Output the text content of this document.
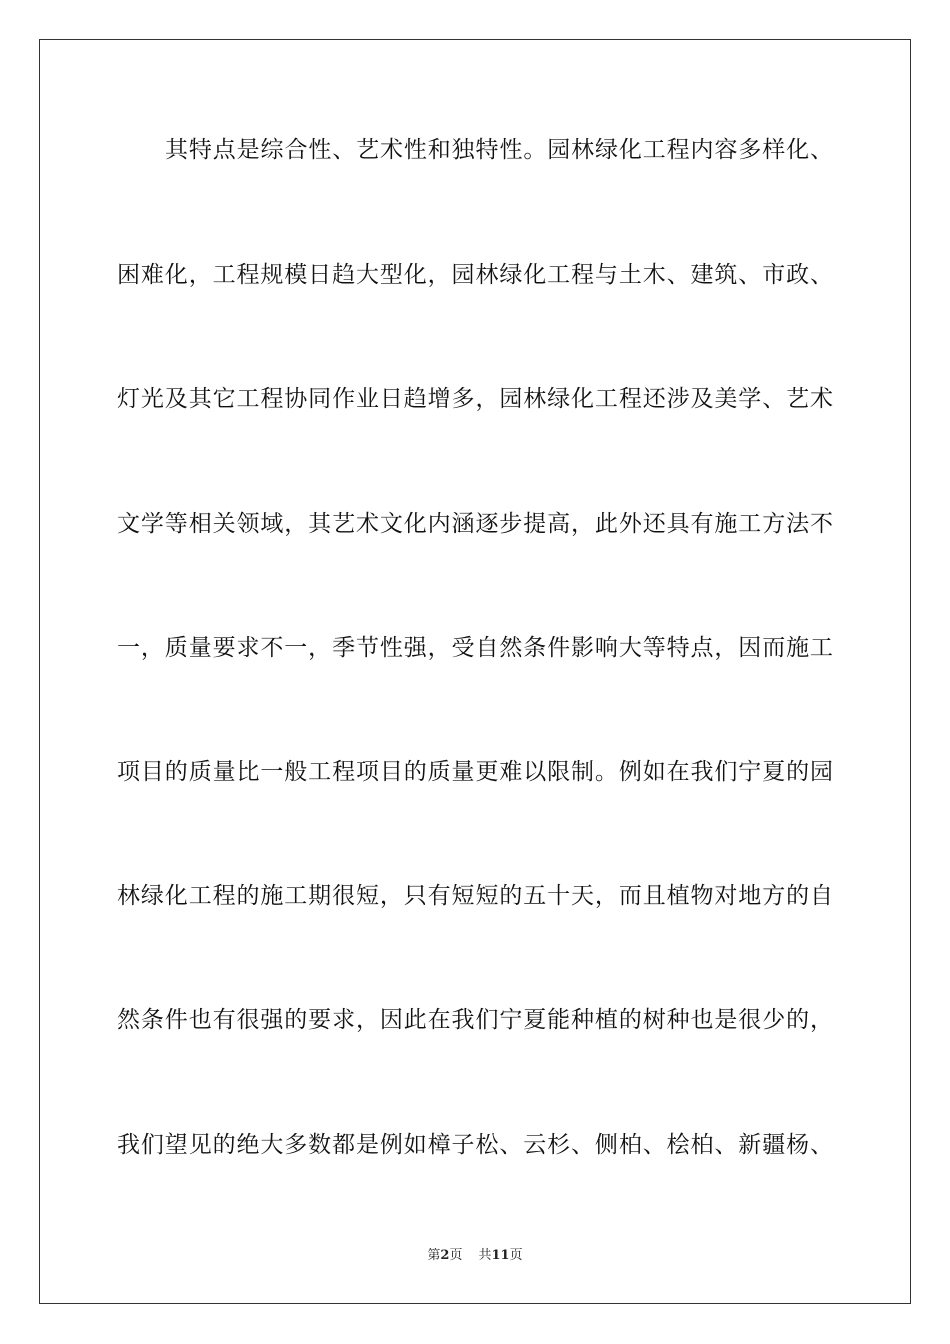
其特点是综合性、艺术性和独特性。园林绿化工程内容多样化、
困难化，工程规模日趋大型化，园林绿化工程与土木、建筑、市政、
灯光及其它工程协同作业日趋增多，园林绿化工程还涉及美学、艺术
文学等相关领域，其艺术文化内涵逐步提高，此外还具有施工方法不
一，质量要求不一，季节性强，受自然条件影响大等特点，因而施工
项目的质量比一般工程项目的质量更难以限制。例如在我们宁夏的园
林绿化工程的施工期很短，只有短短的五十天，而且植物对地方的自
然条件也有很强的要求，因此在我们宁夏能种植的树种也是很少的，
我们望见的绝大多数都是例如樟子松、云杉、侧柏、桧柏、新疆杨、
第2页 共11页
